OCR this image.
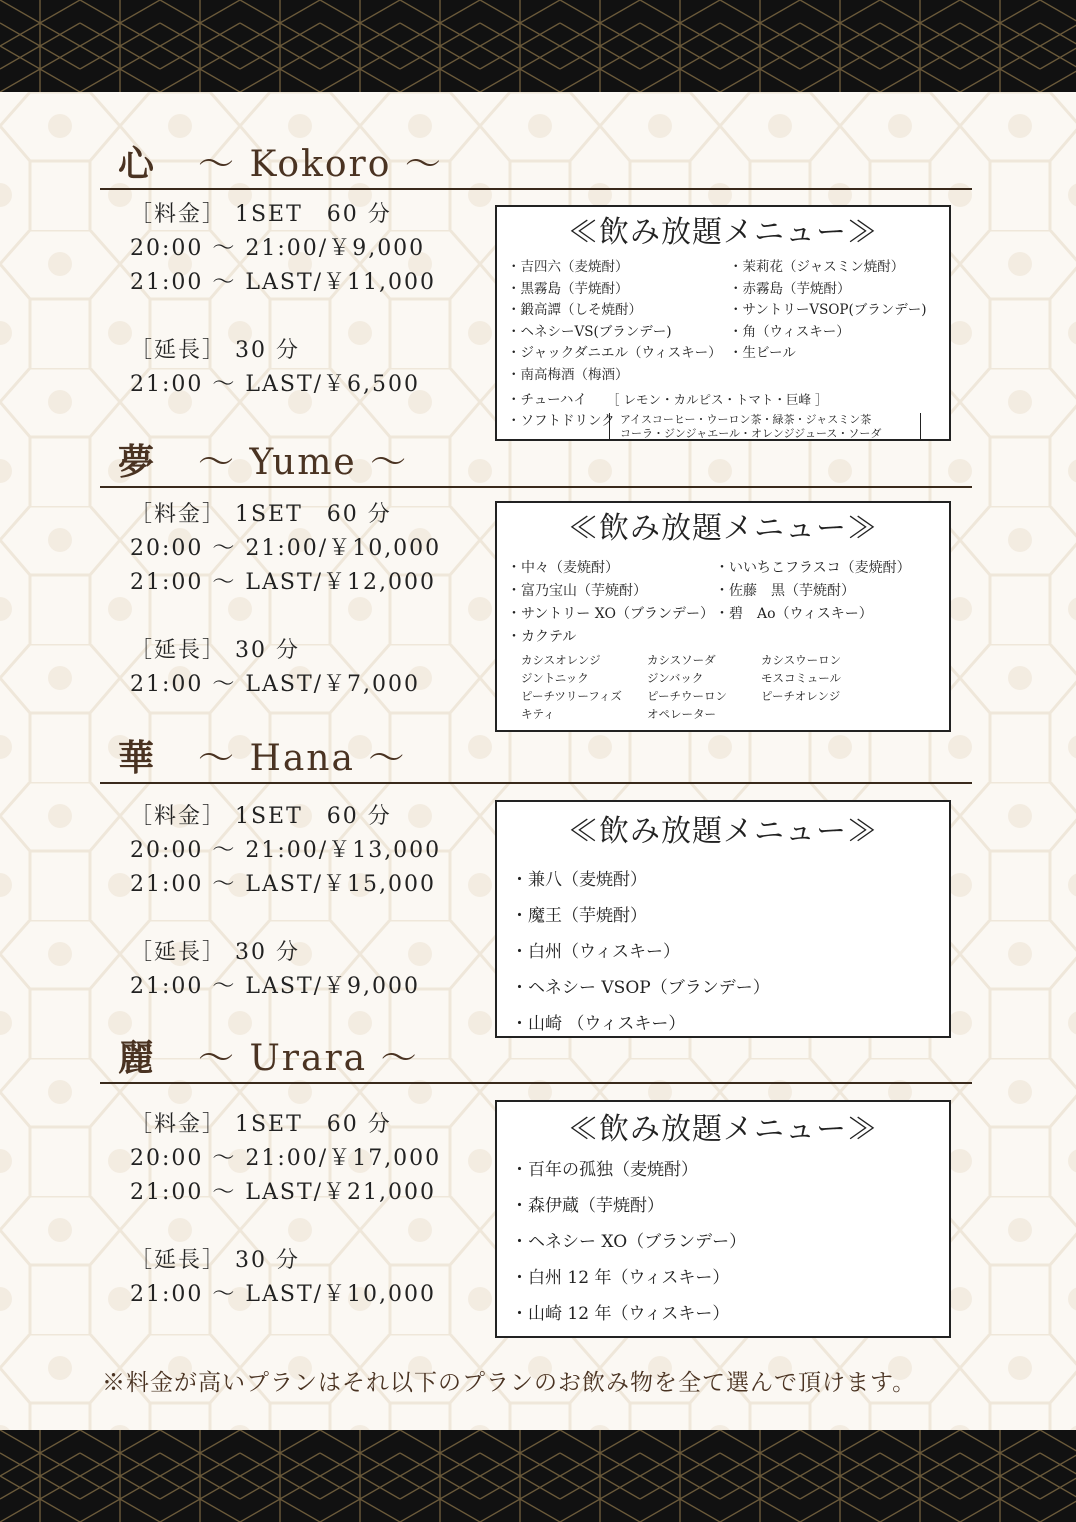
心 ～ Kokoro ～
［料金］ 1SET　60 分
20:00 ～ 21:00/￥9,000
21:00 ～ LAST/￥11,000
［延長］ 30 分
21:00 ～ LAST/￥6,500
≪飲み放題メニュー≫
・吉四六（麦焼酎）
・黒霧島（芋焼酎）
・鍛高譚（しそ焼酎）
・ヘネシーVS(ブランデー)
・ジャックダニエル（ウィスキー）
・南高梅酒（梅酒）
・茉莉花（ジャスミン焼酎）
・赤霧島（芋焼酎）
・サントリーVSOP(ブランデー)
・角（ウィスキー）
・生ビール
・チューハイ ［ レモン・カルピス・トマト・巨峰 ］
・ソフトドリンク アイスコーヒー・ウーロン茶・緑茶・ジャスミン茶
コーラ・ジンジャエール・オレンジジュース・ソーダ
夢 ～ Yume ～
［料金］ 1SET　60 分
20:00 ～ 21:00/￥10,000
21:00 ～ LAST/￥12,000
［延長］ 30 分
21:00 ～ LAST/￥7,000
≪飲み放題メニュー≫
・中々（麦焼酎）
・富乃宝山（芋焼酎）
・サントリー XO（ブランデー）
・カクテル
・いいちこフラスコ（麦焼酎）
・佐藤　黒（芋焼酎）
・碧　Ao（ウィスキー）
カシスオレンジ
ジントニック
ピーチツリーフィズ
キティ
カシスソーダ
ジンバック
ピーチウーロン
オペレーター
カシスウーロン
モスコミュール
ピーチオレンジ
華 ～ Hana ～
［料金］ 1SET　60 分
20:00 ～ 21:00/￥13,000
21:00 ～ LAST/￥15,000
［延長］ 30 分
21:00 ～ LAST/￥9,000
≪飲み放題メニュー≫
・兼八（麦焼酎）
・魔王（芋焼酎）
・白州（ウィスキー）
・ヘネシー VSOP（ブランデー）
・山崎 （ウィスキー）
麗 ～ Urara ～
［料金］ 1SET　60 分
20:00 ～ 21:00/￥17,000
21:00 ～ LAST/￥21,000
［延長］ 30 分
21:00 ～ LAST/￥10,000
≪飲み放題メニュー≫
・百年の孤独（麦焼酎）
・森伊蔵（芋焼酎）
・ヘネシー XO（ブランデー）
・白州 12 年（ウィスキー）
・山崎 12 年（ウィスキー）
※料金が高いプランはそれ以下のプランのお飲み物を全て選んで頂けます。
